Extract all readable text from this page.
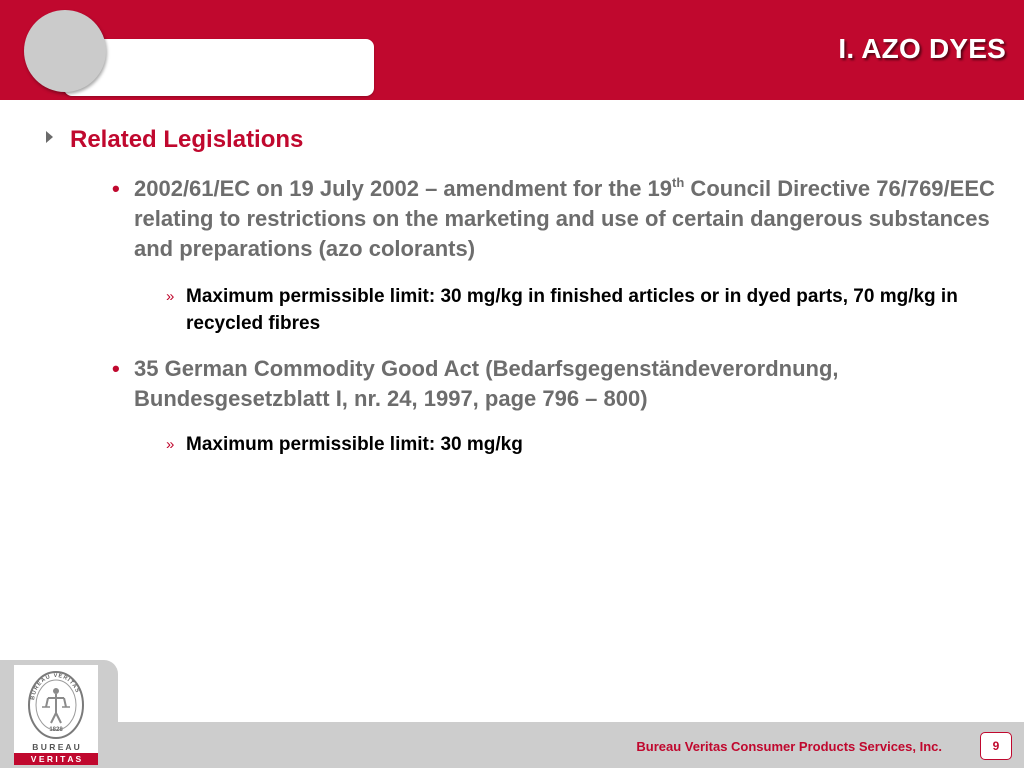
I. AZO DYES
Related Legislations
• 2002/61/EC on 19 July 2002 – amendment for the 19th Council Directive 76/769/EEC relating to restrictions on the marketing and use of certain dangerous substances and preparations (azo colorants)
» Maximum permissible limit: 30 mg/kg in finished articles or in dyed parts, 70 mg/kg in recycled fibres
• 35 German Commodity Good Act (Bedarfsgegenständeverordnung, Bundesgesetzblatt I, nr. 24, 1997, page 796 – 800)
» Maximum permissible limit: 30 mg/kg
BUREAU VERITAS
1828
B U R E A U
V E R I T A S
Bureau Veritas Consumer Products Services, Inc.	9
